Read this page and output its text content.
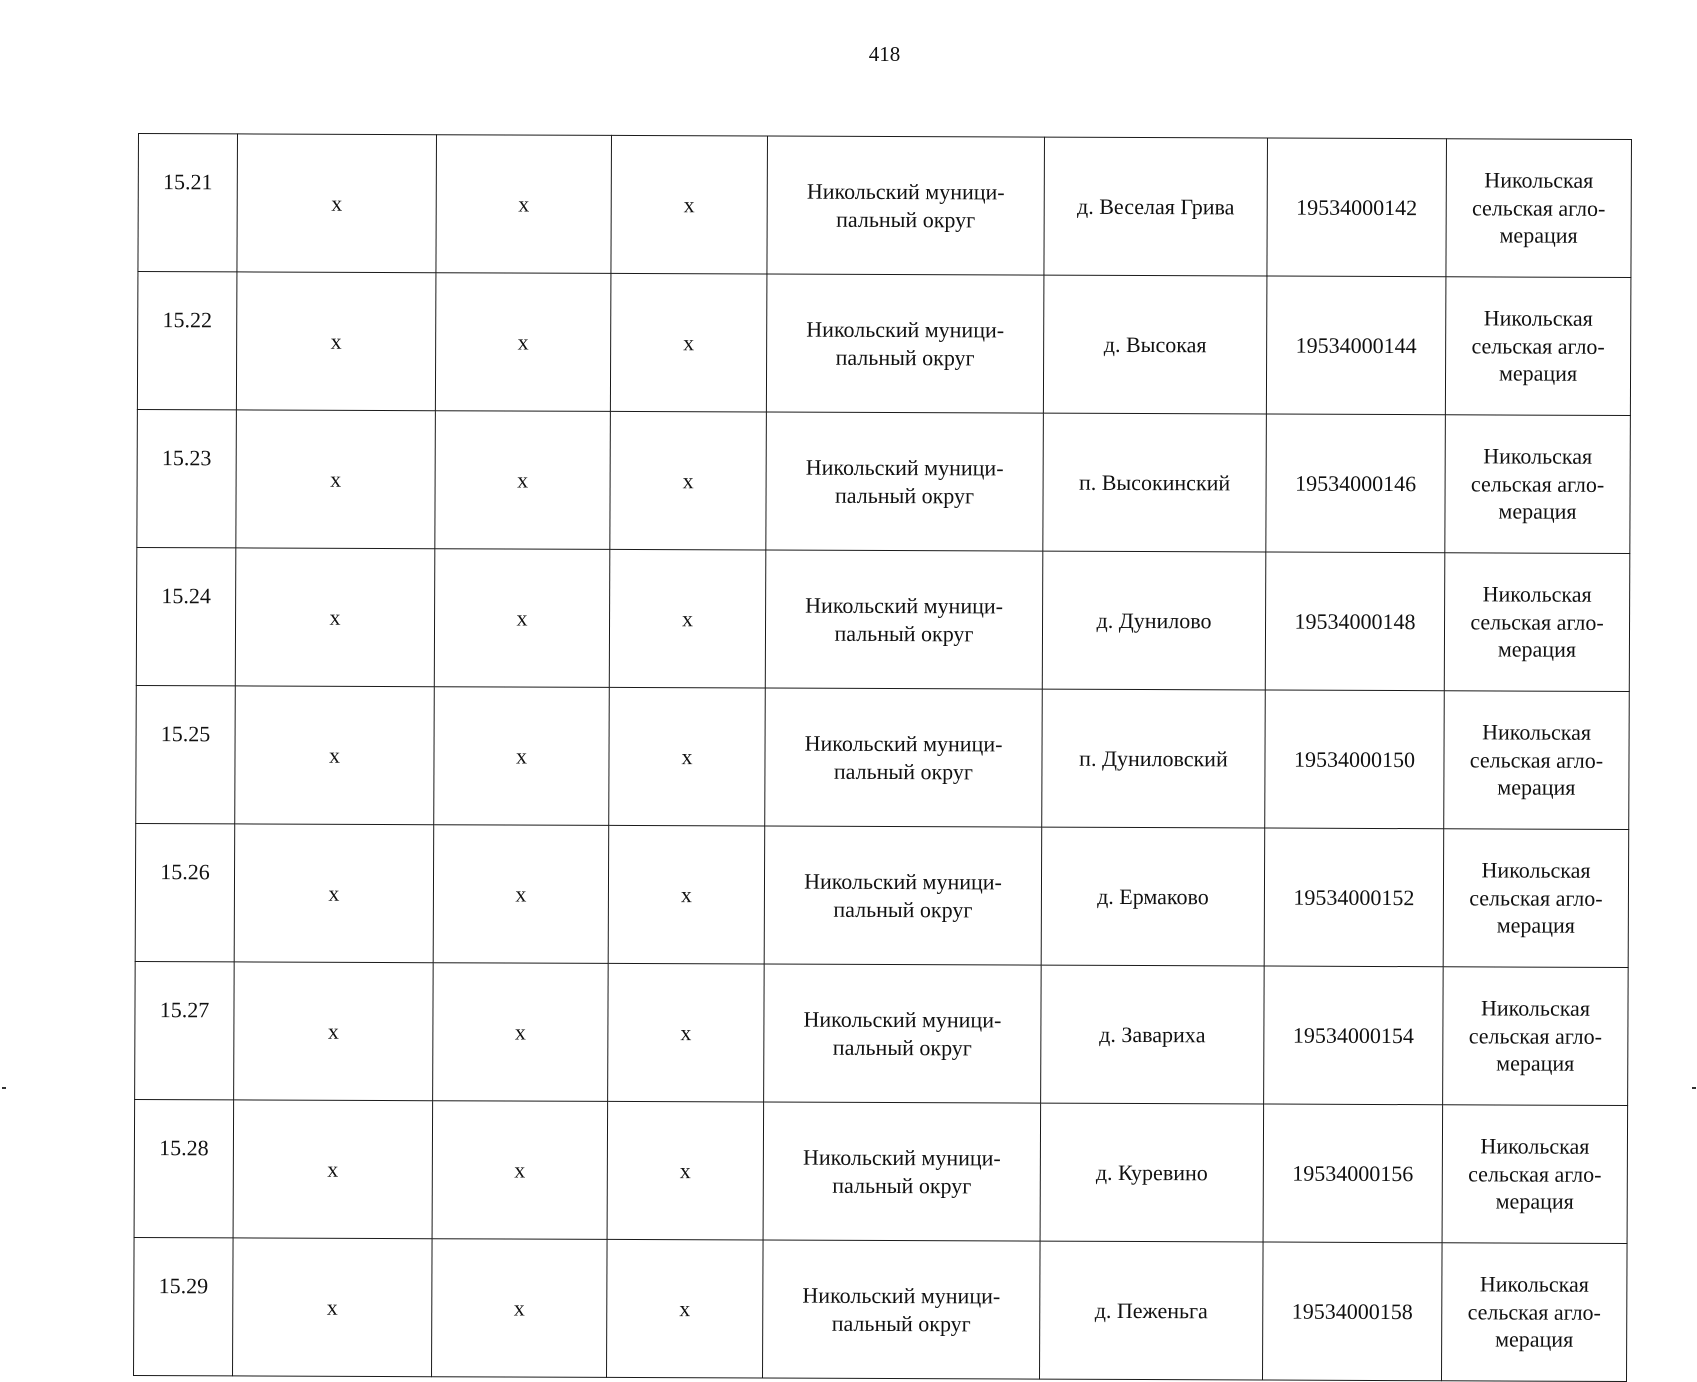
418
15.21	x	x	x	Никольский муници-
пальный округ	д. Веселая Грива	19534000142	Никольская
сельская агло-
мерация
15.22	x	x	x	Никольский муници-
пальный округ	д. Высокая	19534000144	Никольская
сельская агло-
мерация
15.23	x	x	x	Никольский муници-
пальный округ	п. Высокинский	19534000146	Никольская
сельская агло-
мерация
15.24	x	x	x	Никольский муници-
пальный округ	д. Дунилово	19534000148	Никольская
сельская агло-
мерация
15.25	x	x	x	Никольский муници-
пальный округ	п. Дуниловский	19534000150	Никольская
сельская агло-
мерация
15.26	x	x	x	Никольский муници-
пальный округ	д. Ермаково	19534000152	Никольская
сельская агло-
мерация
15.27	x	x	x	Никольский муници-
пальный округ	д. Заварихa	19534000154	Никольская
сельская агло-
мерация
15.28	x	x	x	Никольский муници-
пальный округ	д. Куревино	19534000156	Никольская
сельская агло-
мерация
15.29	x	x	x	Никольский муници-
пальный округ	д. Пеженьга	19534000158	Никольская
сельская агло-
мерация
